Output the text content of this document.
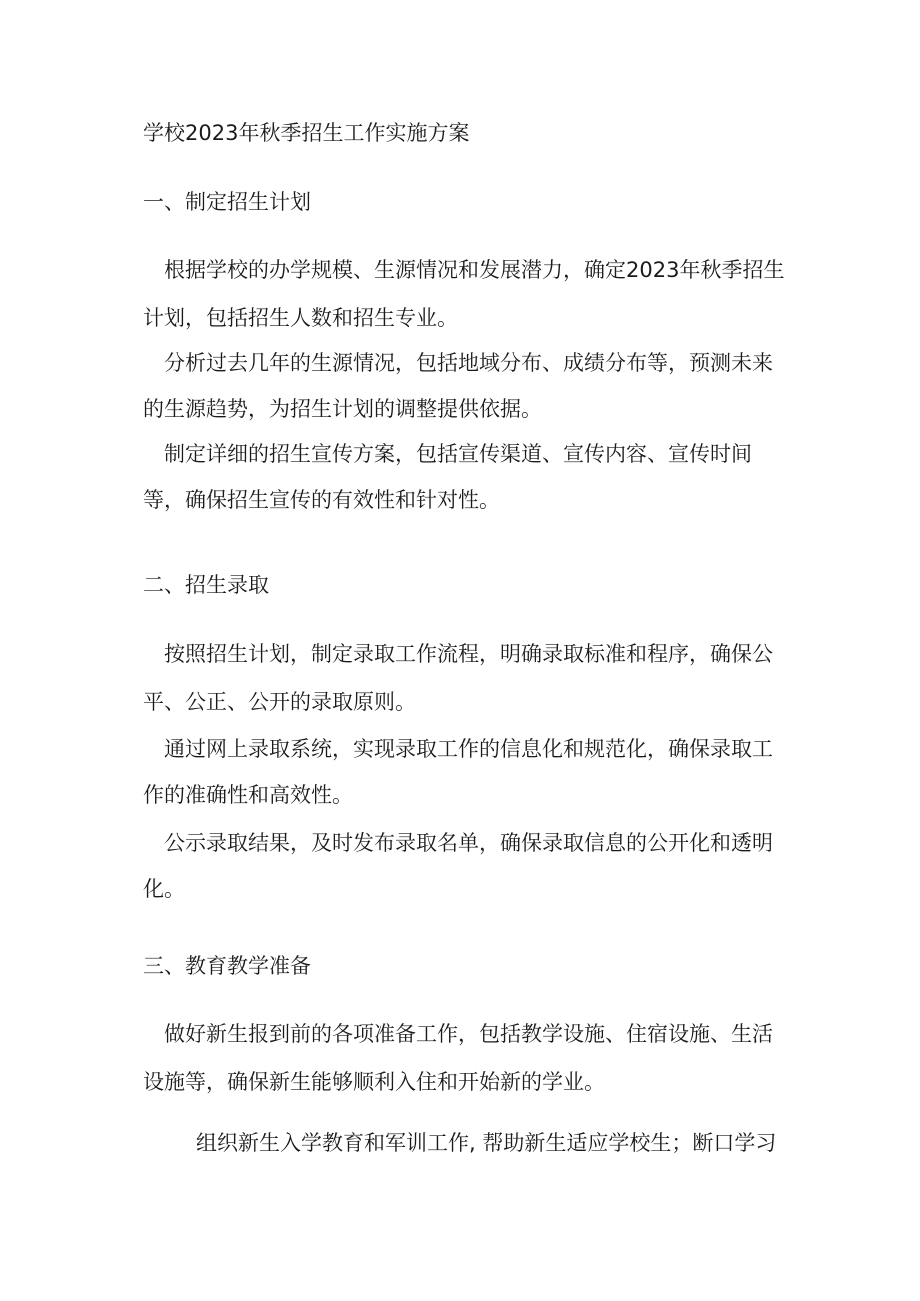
学校2023年秋季招生工作实施方案
一、制定招生计划

根据学校的办学规模、生源情况和发展潜力，确定2023年秋季招生计划，包括招生人数和招生专业。

分析过去几年的生源情况，包括地域分布、成绩分布等，预测未来的生源趋势，为招生计划的调整提供依据。

制定详细的招生宣传方案，包括宣传渠道、宣传内容、宣传时间等，确保招生宣传的有效性和针对性。

二、招生录取

按照招生计划，制定录取工作流程，明确录取标准和程序，确保公平、公正、公开的录取原则。

通过网上录取系统，实现录取工作的信息化和规范化，确保录取工作的准确性和高效性。

公示录取结果，及时发布录取名单，确保录取信息的公开化和透明化。

三、教育教学准备

做好新生报到前的各项准备工作，包括教学设施、住宿设施、生活设施等，确保新生能够顺利入住和开始新的学业。

组织新生入学教育和军训工作, 帮助新生适应学校生；断口学习
